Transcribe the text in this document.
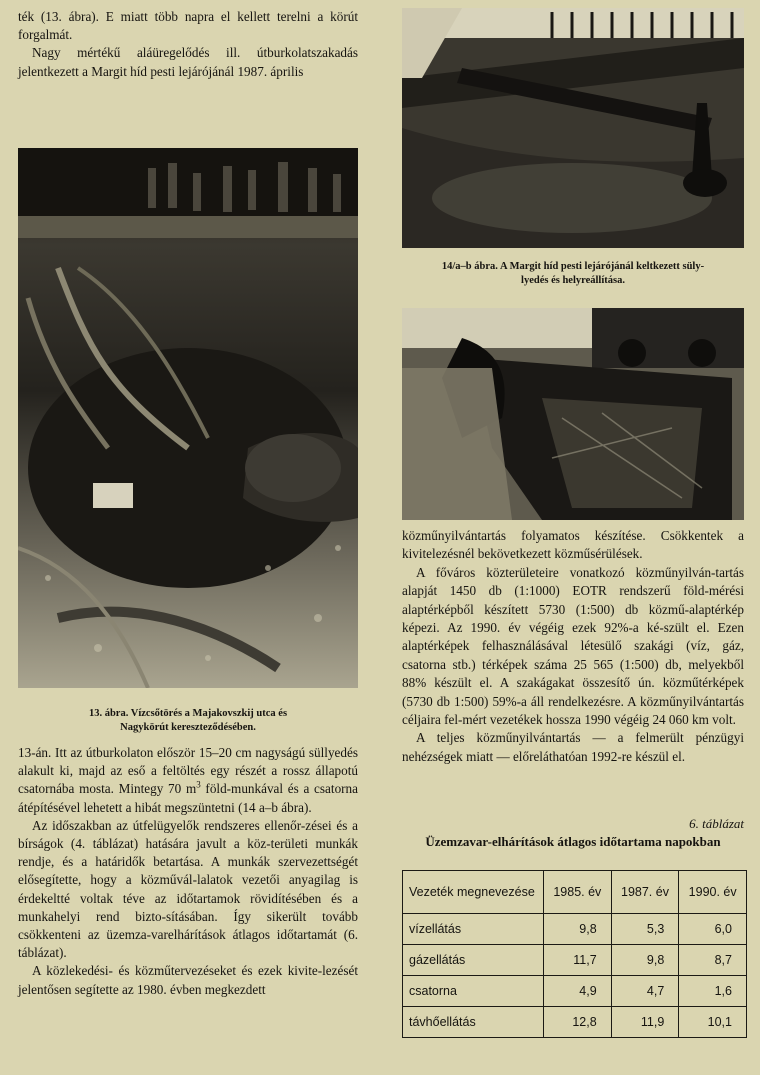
ték (13. ábra). E miatt több napra el kellett terelni a körút forgalmát.

Nagy mértékű aláüregelődés ill. útburkolatszakadás jelentkezett a Margit híd pesti lejárójánál 1987. április

13. ábra. Vízcsőtörés a Majakovszkij utca és
Nagykörút kereszteződésében.

13-án. Itt az útburkolaton először 15–20 cm nagyságú süllyedés alakult ki, majd az eső a feltöltés egy részét a rossz állapotú csatornába mosta. Mintegy 70 $m^3$ föld-munkával és a csatorna átépítésével lehetett a hibát megszüntetni (14 a–b ábra).

Az időszakban az útfelügyelők rendszeres ellenőr-zései és a bírságok (4. táblázat) hatására javult a köz-területi munkák rendje, és a határidők betartása. A munkák szervezettségét elősegítette, hogy a közművál-lalatok vezetői anyagilag is érdekeltté voltak téve az időtartamok rövidítésében és a munkahelyi rend bizto-sításában. Így sikerült tovább csökkenteni az üzemza-varelhárítások átlagos időtartamát (6. táblázat).

A közlekedési- és közműtervezéseket és ezek kivite-lezését jelentősen segítette az 1980. évben megkezdett

14/a–b ábra. A Margit híd pesti lejárójánál keltkezett süly-
lyedés és helyreállítása.

közműnyilvántartás folyamatos készítése. Csökkentek a kivitelezésnél bekövetkezett közműsérülések.

A főváros közterületeire vonatkozó közműnyilván-tartás alapját 1450 db (1:1000) EOTR rendszerű föld-mérési alaptérképből készített 5730 (1:500) db közmű-alaptérkép képezi. Az 1990. év végéig ezek 92%-a ké-szült el. Ezen alaptérképek felhasználásával létesülő szakági (víz, gáz, csatorna stb.) térképek száma 25 565 (1:500) db, melyekből 88% készült el. A szakágakat összesítő ún. közműtérképek (5730 db 1:500) 59%-a áll rendelkezésre. A közműnyilvántartás céljaira fel-mért vezetékek hossza 1990 végéig 24 060 km volt.

A teljes közműnyilvántartás — a felmerült pénzügyi nehézségek miatt — előreláthatóan 1992-re készül el.

6. táblázat
Üzemzavar-elhárítások átlagos időtartama napokban
Vezeték megnevezése	1985. év	1987. év	1990. év
vízellátás	9,8	5,3	6,0
gázellátás	11,7	9,8	8,7
csatorna	4,9	4,7	1,6
távhőellátás	12,8	11,9	10,1
